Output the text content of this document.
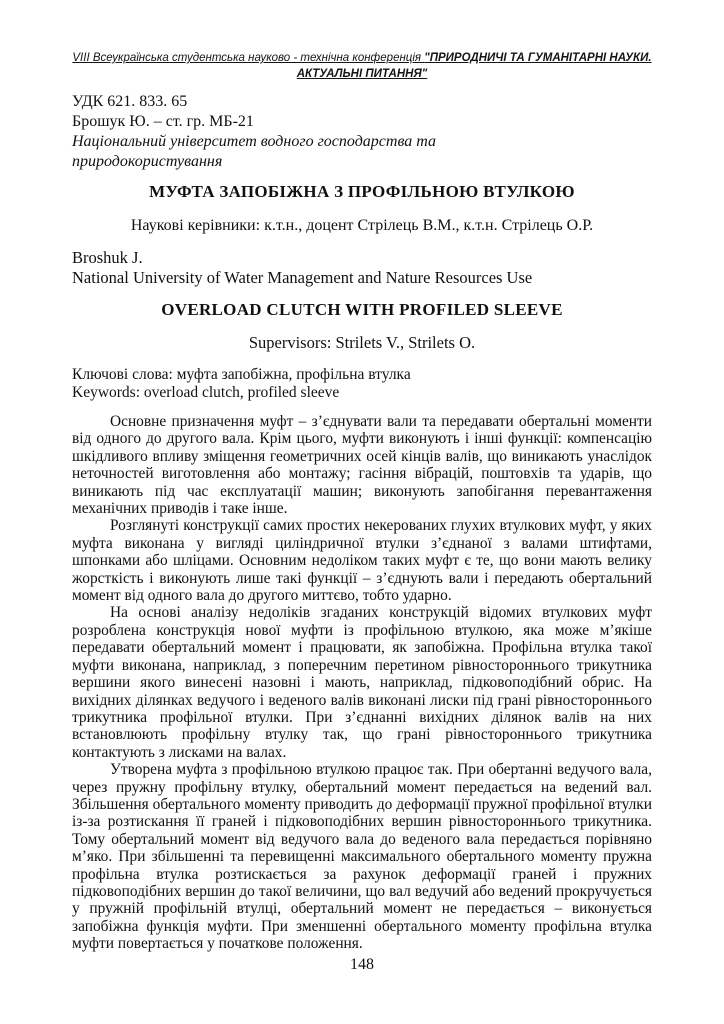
VIII Всеукраїнська студентська науково - технічна конференція "ПРИРОДНИЧІ ТА ГУМАНІТАРНІ НАУКИ. АКТУАЛЬНІ ПИТАННЯ"
УДК 621. 833. 65
Брошук Ю. – ст. гр. МБ-21
Національний університет водного господарства та
природокористування
МУФТА ЗАПОБІЖНА З ПРОФІЛЬНОЮ ВТУЛКОЮ
Наукові керівники: к.т.н., доцент Стрілець В.М., к.т.н. Стрілець О.Р.
Broshuk J.
National University of Water Management and Nature Resources Use
OVERLOAD CLUTCH WITH PROFILED SLEEVE
Supervisors: Strilets V., Strilets O.
Ключові слова: муфта запобіжна, профільна втулка
Keywords: overload clutch, profiled sleeve

Основне призначення муфт – з’єднувати вали та передавати обертальні моменти від одного до другого вала. Крім цього, муфти виконують і інші функції: компенсацію шкідливого впливу зміщення геометричних осей кінців валів, що виникають унаслідок неточностей виготовлення або монтажу; гасіння вібрацій, поштовхів та ударів, що виникають під час експлуатації машин; виконують запобігання перевантаження механічних приводів і таке інше.

Розглянуті конструкції самих простих некерованих глухих втулкових муфт, у яких муфта виконана у вигляді циліндричної втулки з’єднаної з валами штифтами, шпонками або шліцами. Основним недоліком таких муфт є те, що вони мають велику жорсткість і виконують лише такі функції – з’єднують вали і передають обертальний момент від одного вала до другого миттєво, тобто ударно.

На основі аналізу недоліків згаданих конструкцій відомих втулкових муфт розроблена конструкція нової муфти із профільною втулкою, яка може м’якіше передавати обертальний момент і працювати, як запобіжна. Профільна втулка такої муфти виконана, наприклад, з поперечним перетином рівностороннього трикутника вершини якого винесені назовні і мають, наприклад, підковоподібний обрис. На вихідних ділянках ведучого і веденого валів виконані лиски під грані рівностороннього трикутника профільної втулки. При з’єднанні вихідних ділянок валів на них встановлюють профільну втулку так, що грані рівностороннього трикутника контактують з лисками на валах.

Утворена муфта з профільною втулкою працює так. При обертанні ведучого вала, через пружну профільну втулку, обертальний момент передається на ведений вал. Збільшення обертального моменту приводить до деформації пружної профільної втулки із-за розтискання її граней і підковоподібних вершин рівностороннього трикутника. Тому обертальний момент від ведучого вала до веденого вала передається порівняно м’яко. При збільшенні та перевищенні максимального обертального моменту пружна профільна втулка розтискається за рахунок деформації граней і пружних підковоподібних вершин до такої величини, що вал ведучий або ведений прокручується у пружній профільній втулці, обертальний момент не передається – виконується запобіжна функція муфти. При зменшенні обертального моменту профільна втулка муфти повертається у початкове положення.

148
